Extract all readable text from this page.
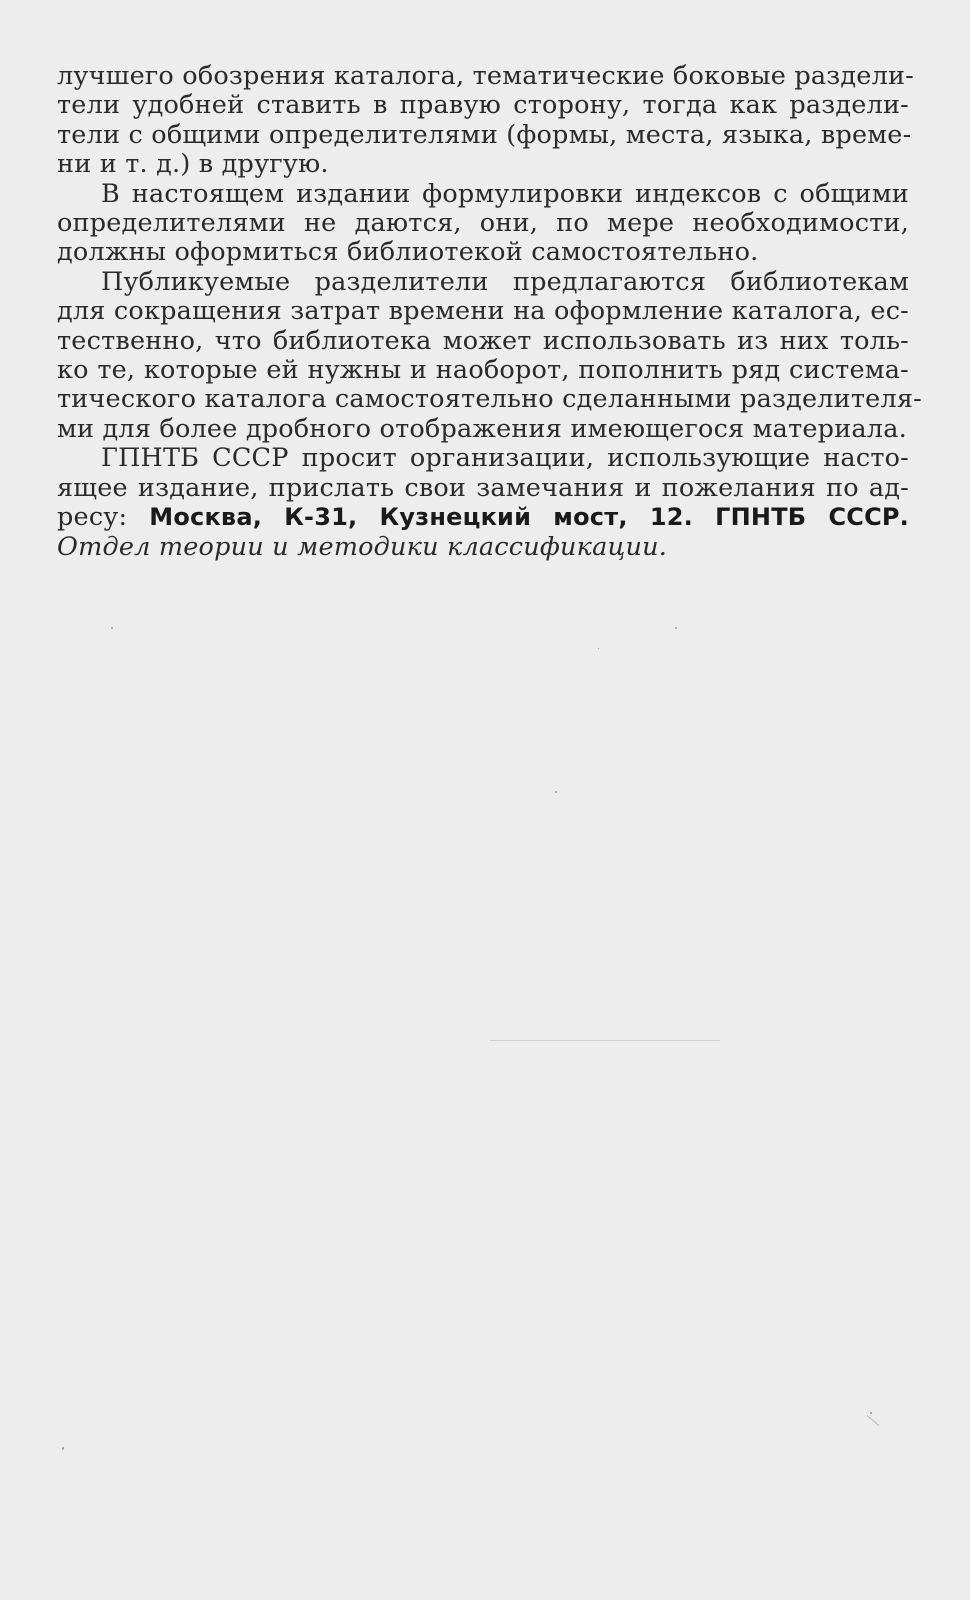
лучшего обозрения каталога, тематические боковые раздели-
тели удобней ставить в правую сторону, тогда как раздели-
тели с общими определителями (формы, места, языка, време-
ни и т. д.) в другую.
В настоящем издании формулировки индексов с общими
определителями не даются, они, по мере необходимости,
должны оформиться библиотекой самостоятельно.
Публикуемые разделители предлагаются библиотекам
для сокращения затрат времени на оформление каталога, ес-
тественно, что библиотека может использовать из них толь-
ко те, которые ей нужны и наоборот, пополнить ряд система-
тического каталога самостоятельно сделанными разделителя-
ми для более дробного отображения имеющегося материала.
ГПНТБ СССР просит организации, использующие насто-
ящее издание, прислать свои замечания и пожелания по ад-
ресу: Москва, К-31, Кузнецкий мост, 12. ГПНТБ СССР.
Отдел теории и методики классификации.
